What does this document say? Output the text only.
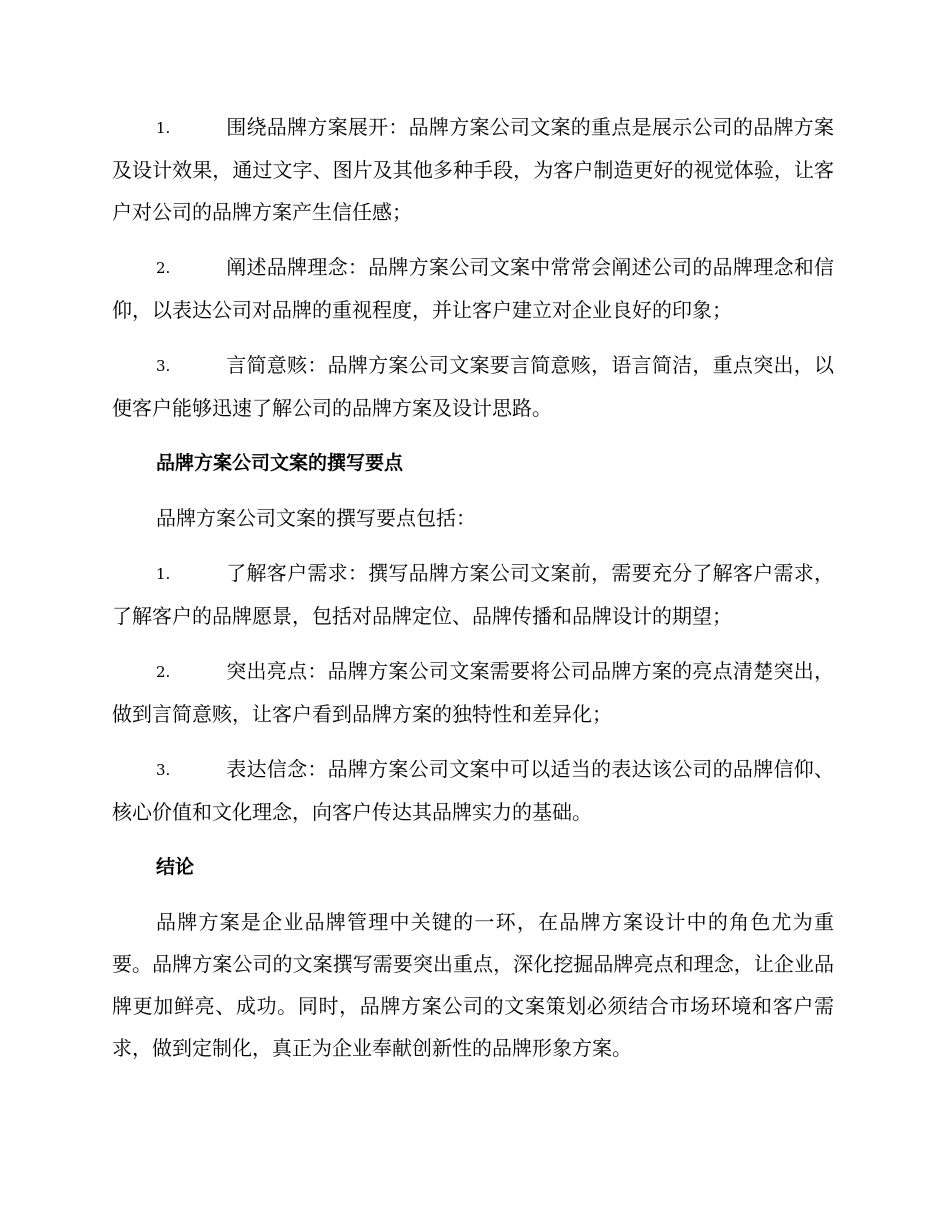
1.	围绕品牌方案展开：品牌方案公司文案的重点是展示公司的品牌方案及设计效果，通过文字、图片及其他多种手段，为客户制造更好的视觉体验，让客户对公司的品牌方案产生信任感；

2.	阐述品牌理念：品牌方案公司文案中常常会阐述公司的品牌理念和信仰，以表达公司对品牌的重视程度，并让客户建立对企业良好的印象；

3.	言简意赅：品牌方案公司文案要言简意赅，语言简洁，重点突出，以便客户能够迅速了解公司的品牌方案及设计思路。

品牌方案公司文案的撰写要点

品牌方案公司文案的撰写要点包括：

1.	了解客户需求：撰写品牌方案公司文案前，需要充分了解客户需求，了解客户的品牌愿景，包括对品牌定位、品牌传播和品牌设计的期望；

2.	突出亮点：品牌方案公司文案需要将公司品牌方案的亮点清楚突出，做到言简意赅，让客户看到品牌方案的独特性和差异化；

3.	表达信念：品牌方案公司文案中可以适当的表达该公司的品牌信仰、核心价值和文化理念，向客户传达其品牌实力的基础。

结论

品牌方案是企业品牌管理中关键的一环，在品牌方案设计中的角色尤为重要。品牌方案公司的文案撰写需要突出重点，深化挖掘品牌亮点和理念，让企业品牌更加鲜亮、成功。同时，品牌方案公司的文案策划必须结合市场环境和客户需求，做到定制化，真正为企业奉献创新性的品牌形象方案。
